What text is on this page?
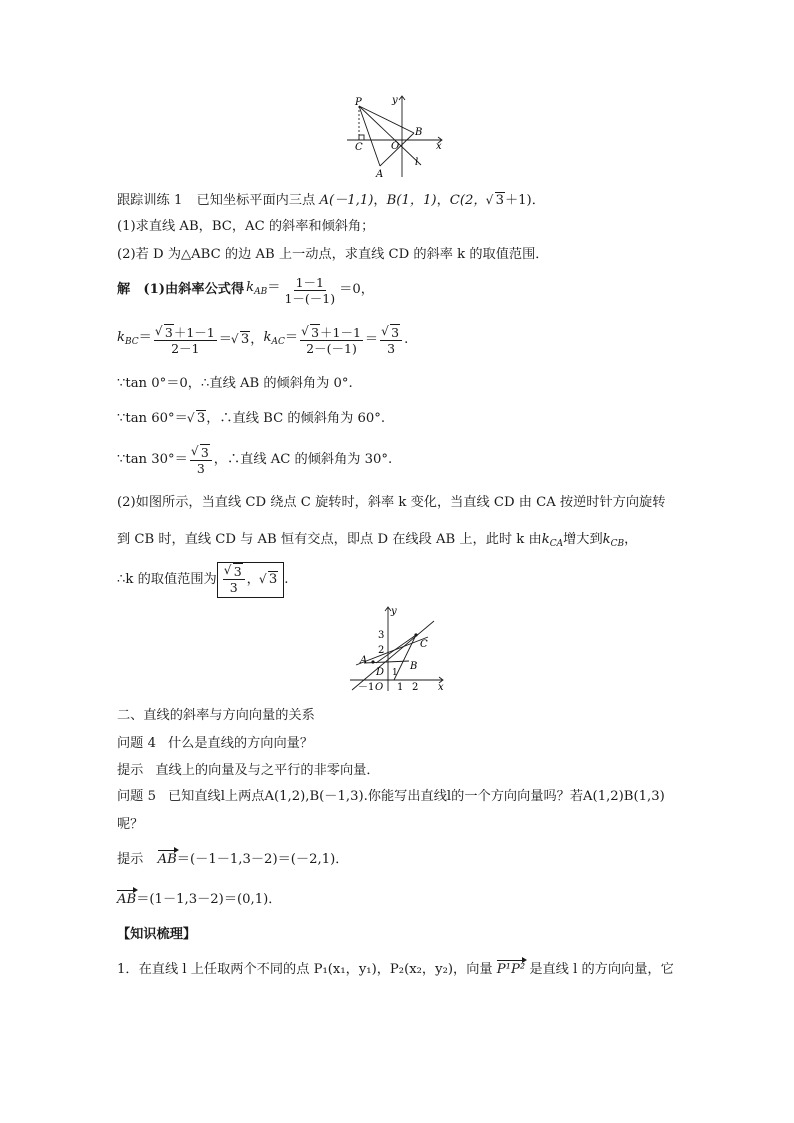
P	y
B
C	O	x
l
A
跟踪训练 1 已知坐标平面内三点 A(－1,1)，B(1，1)，C(2， √ 3＋1)．
(1)求直线 AB，BC，AC 的斜率和倾斜角；
(2)若 D 为△ABC 的边 AB 上一动点，求直线 CD 的斜率 k 的取值范围．
解　(1)由斜率公式得 $k_{AB}= \frac{1-1}{1-(-1)} =0$，
$k_{BC}=$ √ $\frac{3+1-1}{2-1}$ ＝ √ 3， $k_{AC}=$ √ $\frac{3+1-1}{2-(-1)}$ ＝ √ $\frac{3}{3}$ .
∵tan 0°＝0，∴直线 AB 的倾斜角为 0°.
∵tan 60°＝ √ 3，∴直线 BC 的倾斜角为 60°.
∵tan 30°＝ √ $\frac{3}{3}$ ，∴直线 AC 的倾斜角为 30°.
(2)如图所示，当直线 CD 绕点 C 旋转时，斜率 k 变化，当直线 CD 由 CA 按逆时针方向旋转
到 CB 时，直线 CD 与 AB 恒有交点，即点 D 在线段 AB 上，此时 k 由$k_{CA}$增大到$k_{CB}$，
∴k 的取值范围为 √ $\frac{3}{3}$ ， √ 3 .
y
3
2
C
A
B
D 1
－1 O 1 2 x
二、直线的斜率与方向向量的关系
问题 4 什么是直线的方向向量？
提示 直线上的向量及与之平行的非零向量．
问题 5 已知直线l上两点A(1,2),B(－1,3).你能写出直线l的一个方向向量吗？若A(1,2)B(1,3)
呢？
提示 AB＝(－1－1,3－2)＝(－2,1)．
AB＝(1－1,3－2)＝(0,1)．
【知识梳理】
1．在直线 l 上任取两个不同的点 P₁(x₁，y₁)，P₂(x₂，y₂)，向量 P¹P² 是直线 l 的方向向量，它
